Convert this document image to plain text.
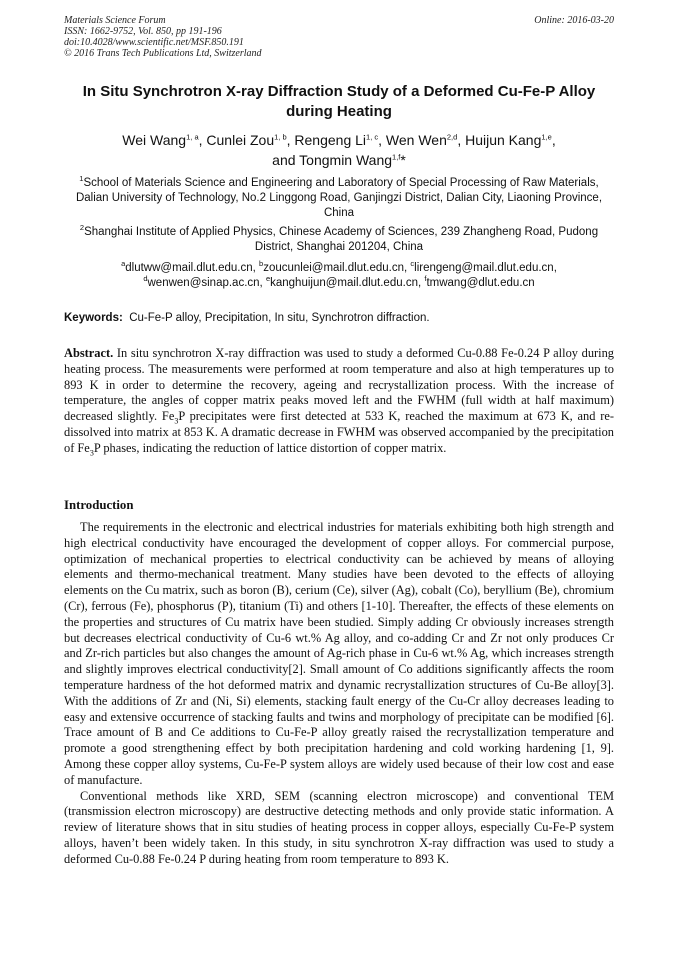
Materials Science Forum
ISSN: 1662-9752, Vol. 850, pp 191-196
doi:10.4028/www.scientific.net/MSF.850.191
© 2016 Trans Tech Publications Ltd, Switzerland
Online: 2016-03-20
In Situ Synchrotron X-ray Diffraction Study of a Deformed Cu-Fe-P Alloy during Heating
Wei Wang$^{1, a}$, Cunlei Zou$^{1, b}$, Rengeng Li$^{1, c}$, Wen Wen$^{2,d}$, Huijun Kang$^{1,e}$,
and Tongmin Wang$^{1,f}$*
$^1$School of Materials Science and Engineering and Laboratory of Special Processing of Raw Materials, Dalian University of Technology, No.2 Linggong Road, Ganjingzi District, Dalian City, Liaoning Province, China
$^2$Shanghai Institute of Applied Physics, Chinese Academy of Sciences, 239 Zhangheng Road, Pudong District, Shanghai 201204, China
$^a$dlutww@mail.dlut.edu.cn, $^b$zoucunlei@mail.dlut.edu.cn, $^c$lirengeng@mail.dlut.edu.cn,
$^d$wenwen@sinap.ac.cn, $^e$kanghuijun@mail.dlut.edu.cn, $^f$tmwang@dlut.edu.cn
Keywords: Cu-Fe-P alloy, Precipitation, In situ, Synchrotron diffraction.
Abstract. In situ synchrotron X-ray diffraction was used to study a deformed Cu-0.88 Fe-0.24 P alloy during heating process. The measurements were performed at room temperature and also at high temperatures up to 893 K in order to determine the recovery, ageing and recrystallization process. With the increase of temperature, the angles of copper matrix peaks moved left and the FWHM (full width at half maximum) decreased slightly. $Fe_3P$ precipitates were first detected at 533 K, reached the maximum at 673 K, and re-dissolved into matrix at 853 K. A dramatic decrease in FWHM was observed accompanied by the precipitation of $Fe_3P$ phases, indicating the reduction of lattice distortion of copper matrix.
Introduction

The requirements in the electronic and electrical industries for materials exhibiting both high strength and high electrical conductivity have encouraged the development of copper alloys. For commercial purpose, optimization of mechanical properties to electrical conductivity can be achieved by means of alloying elements and thermo-mechanical treatment. Many studies have been devoted to the effects of alloying elements on the Cu matrix, such as boron (B), cerium (Ce), silver (Ag), cobalt (Co), beryllium (Be), chromium (Cr), ferrous (Fe), phosphorus (P), titanium (Ti) and others [1-10]. Thereafter, the effects of these elements on the properties and structures of Cu matrix have been studied. Simply adding Cr obviously increases strength but decreases electrical conductivity of Cu-6 wt.% Ag alloy, and co-adding Cr and Zr not only produces Cr and Zr-rich particles but also changes the amount of Ag-rich phase in Cu-6 wt.% Ag, which increases strength and slightly improves electrical conductivity[2]. Small amount of Co additions significantly affects the room temperature hardness of the hot deformed matrix and dynamic recrystallization structures of Cu-Be alloy[3]. With the additions of Zr and (Ni, Si) elements, stacking fault energy of the Cu-Cr alloy decreases leading to easy and extensive occurrence of stacking faults and twins and morphology of precipitate can be modified [6]. Trace amount of B and Ce additions to Cu-Fe-P alloy greatly raised the recrystallization temperature and promote a good strengthening effect by both precipitation hardening and cold working hardening [1, 9]. Among these copper alloy systems, Cu-Fe-P system alloys are widely used because of their low cost and ease of manufacture.

Conventional methods like XRD, SEM (scanning electron microscope) and conventional TEM (transmission electron microscopy) are destructive detecting methods and only provide static information. A review of literature shows that in situ studies of heating process in copper alloys, especially Cu-Fe-P system alloys, haven’t been widely taken. In this study, in situ synchrotron X-ray diffraction was used to study a deformed Cu-0.88 Fe-0.24 P during heating from room temperature to 893 K.
